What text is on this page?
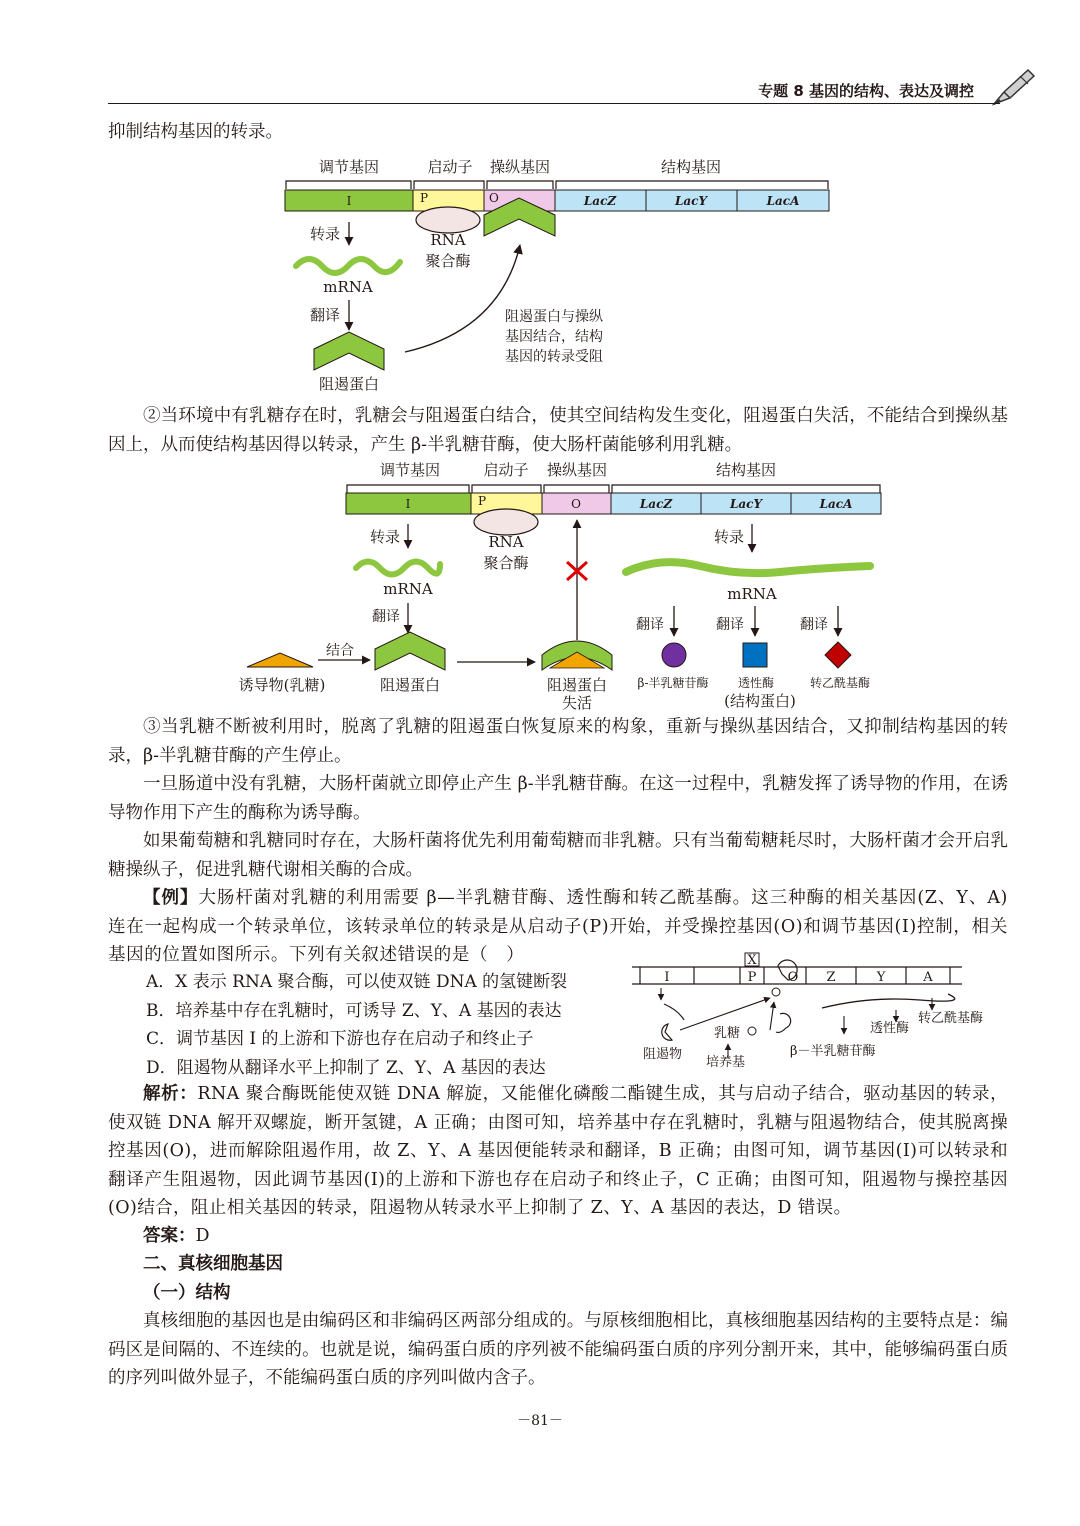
专题 8 基因的结构、表达及调控
抑制结构基因的转录。
调节基因	启动子 操纵基因	结构基因
I	P	O	LacZ	LacY	LacA
RNA
聚合酶
转录
mRNA
翻译
阻遏蛋白
阻遏蛋白与操纵
基因结合，结构
基因的转录受阻
②当环境中有乳糖存在时，乳糖会与阻遏蛋白结合，使其空间结构发生变化，阻遏蛋白失活，不能结合到操纵基因上，从而使结构基因得以转录，产生 β-半乳糖苷酶，使大肠杆菌能够利用乳糖。
调节基因	启动子 操纵基因	结构基因
I	P	O	LacZ	LacY	LacA
RNA
聚合酶
转录	转录
mRNA	mRNA
翻译	翻译	翻译	翻译
结合
诱导物(乳糖)	阻遏蛋白	阻遏蛋白
失活
β-半乳糖苷酶 透性酶	转乙酰基酶
(结构蛋白)
③当乳糖不断被利用时，脱离了乳糖的阻遏蛋白恢复原来的构象，重新与操纵基因结合，又抑制结构基因的转录，β-半乳糖苷酶的产生停止。
一旦肠道中没有乳糖，大肠杆菌就立即停止产生 β-半乳糖苷酶。在这一过程中，乳糖发挥了诱导物的作用，在诱导物作用下产生的酶称为诱导酶。
如果葡萄糖和乳糖同时存在，大肠杆菌将优先利用葡萄糖而非乳糖。只有当葡萄糖耗尽时，大肠杆菌才会开启乳糖操纵子，促进乳糖代谢相关酶的合成。
【例】大肠杆菌对乳糖的利用需要 β—半乳糖苷酶、透性酶和转乙酰基酶。这三种酶的相关基因(Z、Y、A)连在一起构成一个转录单位，该转录单位的转录是从启动子(P)开始，并受操控基因(O)和调节基因(I)控制，相关基因的位置如图所示。下列有关叙述错误的是（　）
A．X 表示 RNA 聚合酶，可以使双链 DNA 的氢键断裂
B．培养基中存在乳糖时，可诱导 Z、Y、A 基因的表达
C．调节基因 I 的上游和下游也存在启动子和终止子
D．阻遏物从翻译水平上抑制了 Z、Y、A 基因的表达
X
I	P O Z	Y	A
乳糖
培养基
阻遏物
透性酶
转乙酰基酶
β－半乳糖苷酶
解析：RNA 聚合酶既能使双链 DNA 解旋，又能催化磷酸二酯键生成，其与启动子结合，驱动基因的转录，使双链 DNA 解开双螺旋，断开氢键，A 正确；由图可知，培养基中存在乳糖时，乳糖与阻遏物结合，使其脱离操控基因(O)，进而解除阻遏作用，故 Z、Y、A 基因便能转录和翻译，B 正确；由图可知，调节基因(I)可以转录和翻译产生阻遏物，因此调节基因(I)的上游和下游也存在启动子和终止子，C 正确；由图可知，阻遏物与操控基因(O)结合，阻止相关基因的转录，阻遏物从转录水平上抑制了 Z、Y、A 基因的表达，D 错误。
答案：D
二、真核细胞基因
（一）结构
真核细胞的基因也是由编码区和非编码区两部分组成的。与原核细胞相比，真核细胞基因结构的主要特点是：编码区是间隔的、不连续的。也就是说，编码蛋白质的序列被不能编码蛋白质的序列分割开来，其中，能够编码蛋白质的序列叫做外显子，不能编码蛋白质的序列叫做内含子。
－81－
